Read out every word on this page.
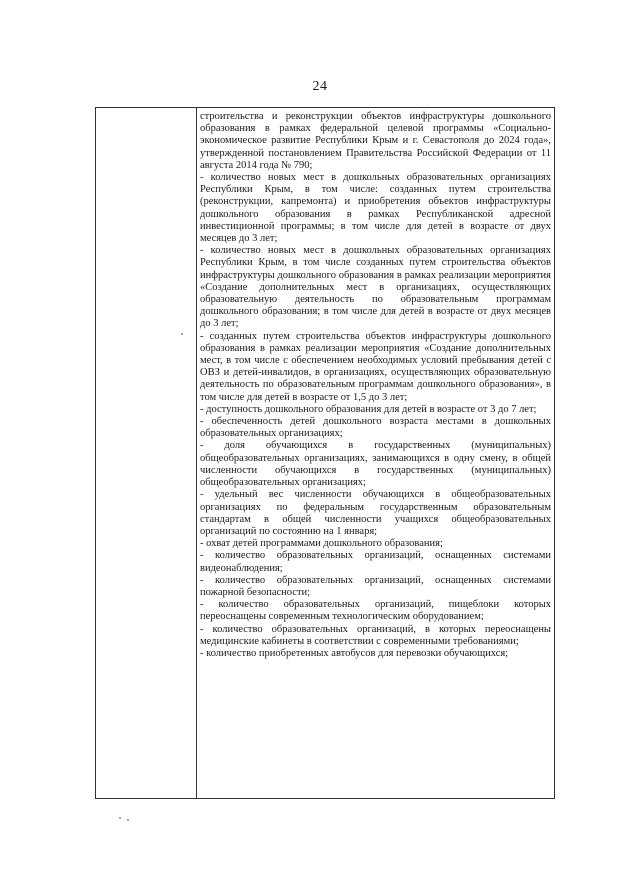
24

строительства и реконструкции объектов инфраструктуры дошкольного образования в рамках федеральной целевой программы «Социально-экономическое развитие Республики Крым и г. Севастополя до 2024 года», утвержденной постановлением Правительства Российской Федерации от 11 августа 2014 года № 790;

- количество новых мест в дошкольных образовательных организациях Республики Крым, в том числе: созданных путем строительства (реконструкции, капремонта) и приобретения объектов инфраструктуры дошкольного образования в рамках Республиканской адресной инвестиционной программы; в том числе для детей в возрасте от двух месяцев до 3 лет;

- количество новых мест в дошкольных образовательных организациях Республики Крым, в том числе созданных путем строительства объектов инфраструктуры дошкольного образования в рамках реализации мероприятия «Создание дополнительных мест в организациях, осуществляющих образовательную деятельность по образовательным программам дошкольного образования; в том числе для детей в возрасте от двух месяцев до 3 лет;

- созданных путем строительства объектов инфраструктуры дошкольного образования в рамках реализации мероприятия «Создание дополнительных мест, в том числе с обеспечением необходимых условий пребывания детей с ОВЗ и детей-инвалидов, в организациях, осуществляющих образовательную деятельность по образовательным программам дошкольного образования», в том числе для детей в возрасте от 1,5 до 3 лет;

- доступность дошкольного образования для детей в возрасте от 3 до 7 лет;

- обеспеченность детей дошкольного возраста местами в дошкольных образовательных организациях;

- доля обучающихся в государственных (муниципальных) общеобразовательных организациях, занимающихся в одну смену, в общей численности обучающихся в государственных (муниципальных) общеобразовательных организациях;

- удельный вес численности обучающихся в общеобразовательных организациях по федеральным государственным образовательным стандартам в общей численности учащихся общеобразовательных организаций по состоянию на 1 января;

- охват детей программами дошкольного образования;

- количество образовательных организаций, оснащенных системами видеонаблюдения;

- количество образовательных организаций, оснащенных системами пожарной безопасности;

- количество образовательных организаций, пищеблоки которых переоснащены современным технологическим оборудованием;

- количество образовательных организаций, в которых переоснащены медицинские кабинеты в соответствии с современными требованиями;

- количество приобретенных автобусов для перевозки обучающихся;
